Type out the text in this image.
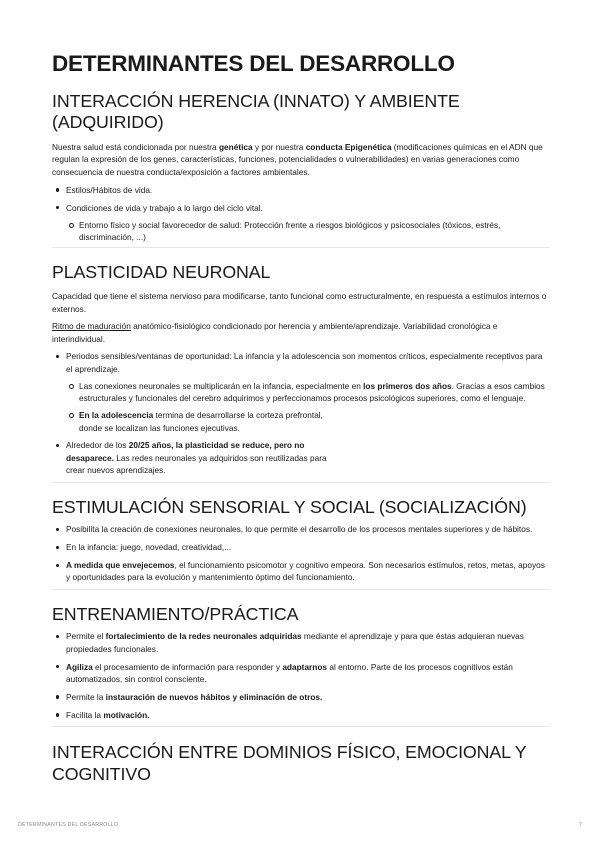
DETERMINANTES DEL DESARROLLO
INTERACCIÓN HERENCIA (INNATO) Y AMBIENTE (ADQUIRIDO)

Nuestra salud está condicionada por nuestra genética y por nuestra conducta Epigenética (modificaciones químicas en el ADN que regulan la expresión de los genes, características, funciones, potencialidades o vulnerabilidades) en varias generaciones como consecuencia de nuestra conducta/exposición a factores ambientales.

Estilos/Hábitos de vida.
Condiciones de vida y trabajo a lo largo del ciclo vital.
Entorno físico y social favorecedor de salud: Protección frente a riesgos biológicos y psicosociales (tóxicos, estrés, discriminación, ...)
PLASTICIDAD NEURONAL

Capacidad que tiene el sistema nervioso para modificarse, tanto funcional como estructuralmente, en respuesta a estímulos internos o externos.

Ritmo de maduración anatómico-fisiológico condicionado por herencia y ambiente/aprendizaje. Variabilidad cronológica e interindividual.

Periodos sensibles/ventanas de oportunidad: La infancia y la adolescencia son momentos críticos, especialmente receptivos para el aprendizaje.
Las conexiones neuronales se multiplicarán en la infancia, especialmente en los primeros dos años. Gracias a esos cambios estructurales y funcionales del cerebro adquirimos y perfeccionamos procesos psicológicos superiores, como el lenguaje.
En la adolescencia termina de desarrollarse la corteza prefrontal,
donde se localizan las funciones ejecutivas.
Alrededor de los 20/25 años, la plasticidad se reduce, pero no
desaparece. Las redes neuronales ya adquiridos son reutilizadas para
crear nuevos aprendizajes.
ESTIMULACIÓN SENSORIAL Y SOCIAL (SOCIALIZACIÓN)
Posibilita la creación de conexiones neuronales, lo que permite el desarrollo de los procesos mentales superiores y de hábitos.
En la infancia: juego, novedad, creatividad,...
A medida que envejecemos, el funcionamiento psicomotor y cognitivo empeora. Son necesarios estímulos, retos, metas, apoyos y oportunidades para la evolución y mantenimiento óptimo del funcionamiento.
ENTRENAMIENTO/PRÁCTICA
Permite el fortalecimiento de la redes neuronales adquiridas mediante el aprendizaje y para que éstas adquieran nuevas propiedades funcionales.
Agiliza el procesamiento de información para responder y adaptarnos al entorno. Parte de los procesos cognitivos están automatizados, sin control consciente.
Permite la instauración de nuevos hábitos y eliminación de otros.
Facilita la motivación.
INTERACCIÓN ENTRE DOMINIOS FÍSICO, EMOCIONAL Y
COGNITIVO
DETERMINANTES DEL DESARROLLO	7
